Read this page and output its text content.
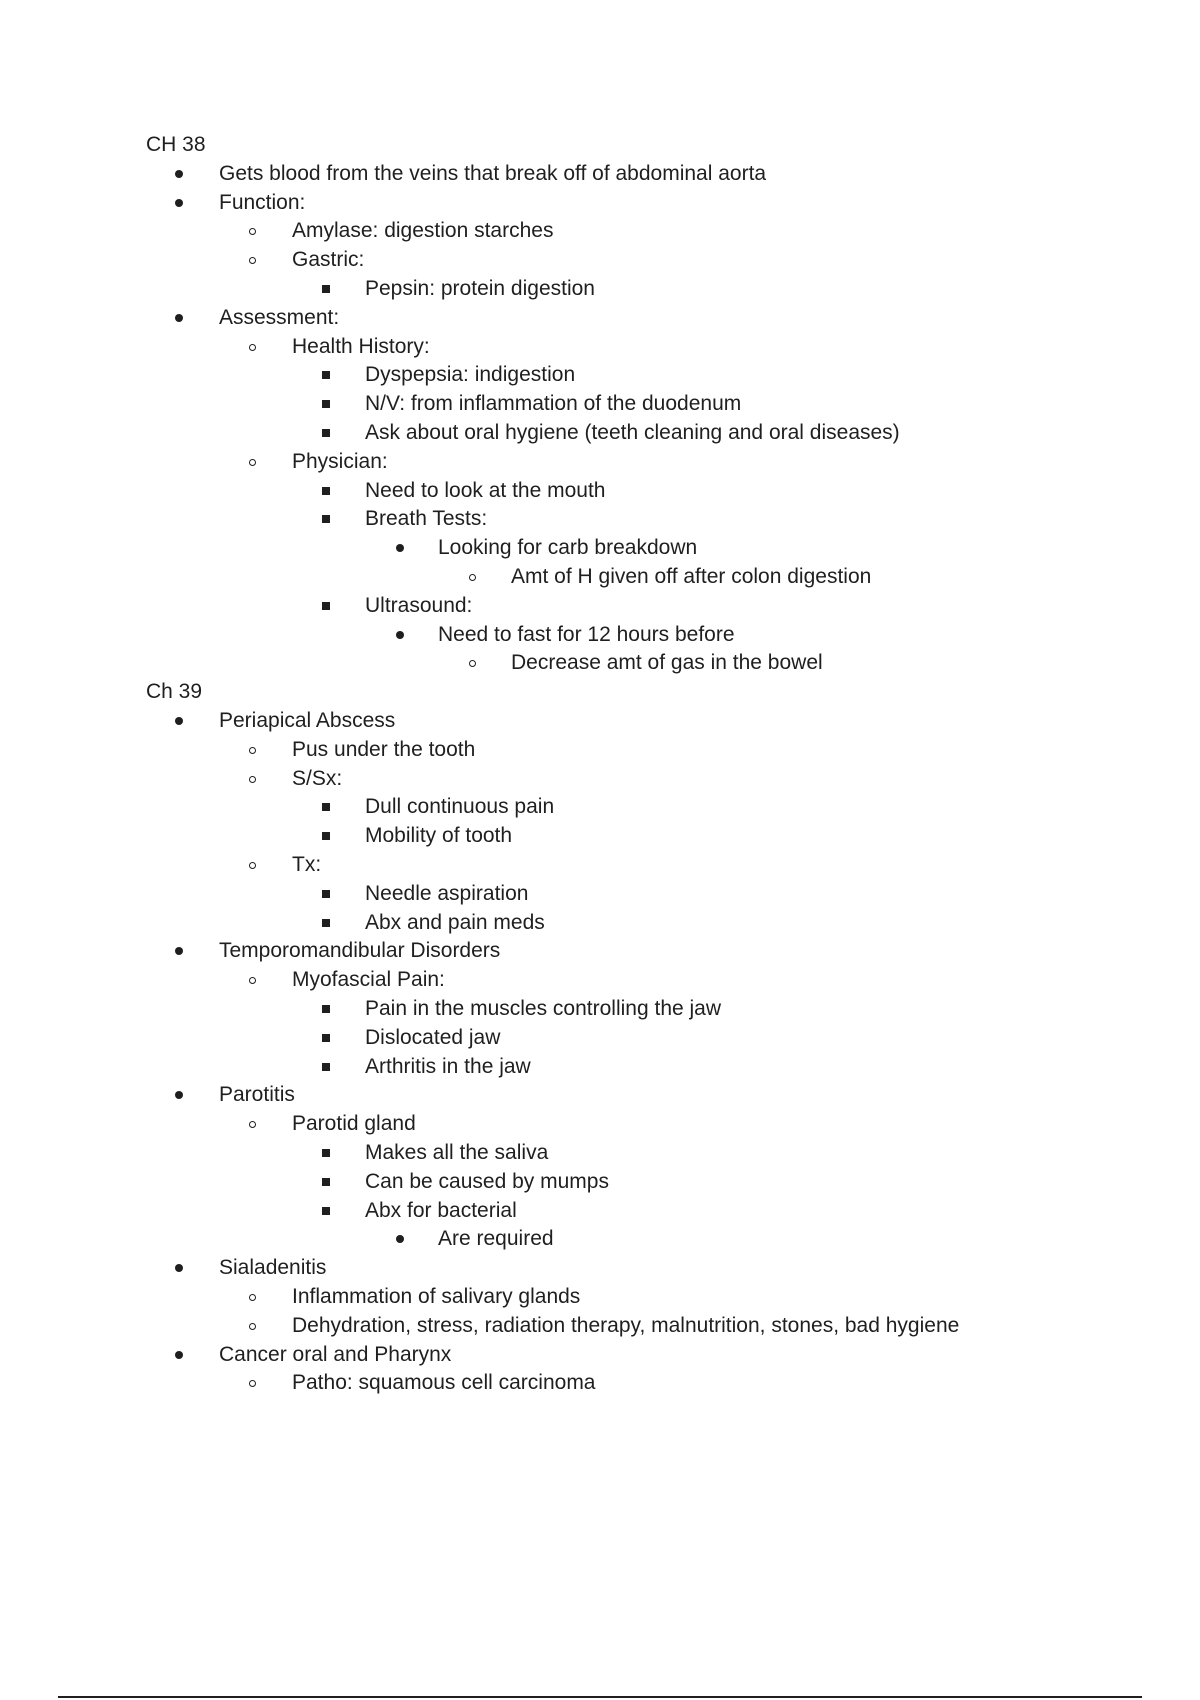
CH 38
Gets blood from the veins that break off of abdominal aorta
Function:
Amylase: digestion starches
Gastric:
Pepsin: protein digestion
Assessment:
Health History:
Dyspepsia: indigestion
N/V: from inflammation of the duodenum
Ask about oral hygiene (teeth cleaning and oral diseases)
Physician:
Need to look at the mouth
Breath Tests:
Looking for carb breakdown
Amt of H given off after colon digestion
Ultrasound:
Need to fast for 12 hours before
Decrease amt of gas in the bowel
Ch 39
Periapical Abscess
Pus under the tooth
S/Sx:
Dull continuous pain
Mobility of tooth
Tx:
Needle aspiration
Abx and pain meds
Temporomandibular Disorders
Myofascial Pain:
Pain in the muscles controlling the jaw
Dislocated jaw
Arthritis in the jaw
Parotitis
Parotid gland
Makes all the saliva
Can be caused by mumps
Abx for bacterial
Are required
Sialadenitis
Inflammation of salivary glands
Dehydration, stress, radiation therapy, malnutrition, stones, bad hygiene
Cancer oral and Pharynx
Patho: squamous cell carcinoma
